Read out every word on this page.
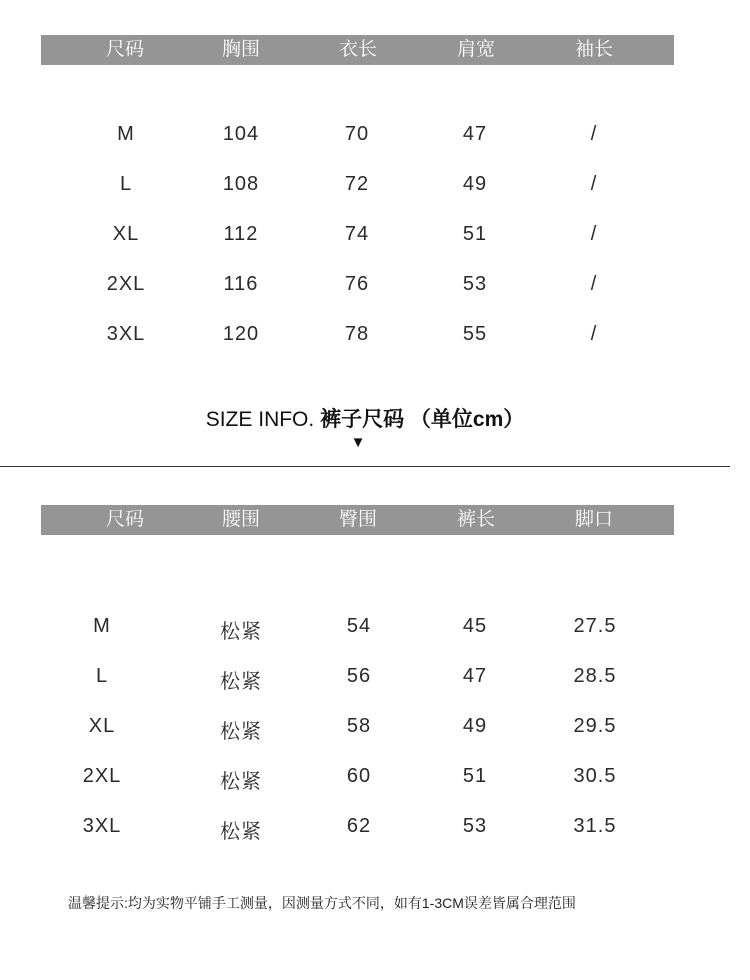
尺码	胸围	衣长	肩宽	袖长
M	104	70	47	/
L	108	72	49	/
XL	112	74	51	/
2XL	116	76	53	/
3XL	120	78	55	/
SIZE INFO. 裤子尺码 （单位cm）
▼
尺码	腰围	臀围	裤长	脚口
M	松紧	54	45	27.5
L	松紧	56	47	28.5
XL	松紧	58	49	29.5
2XL	松紧	60	51	30.5
3XL	松紧	62	53	31.5
温馨提示:均为实物平铺手工测量，因测量方式不同，如有1-3CM误差皆属合理范围
